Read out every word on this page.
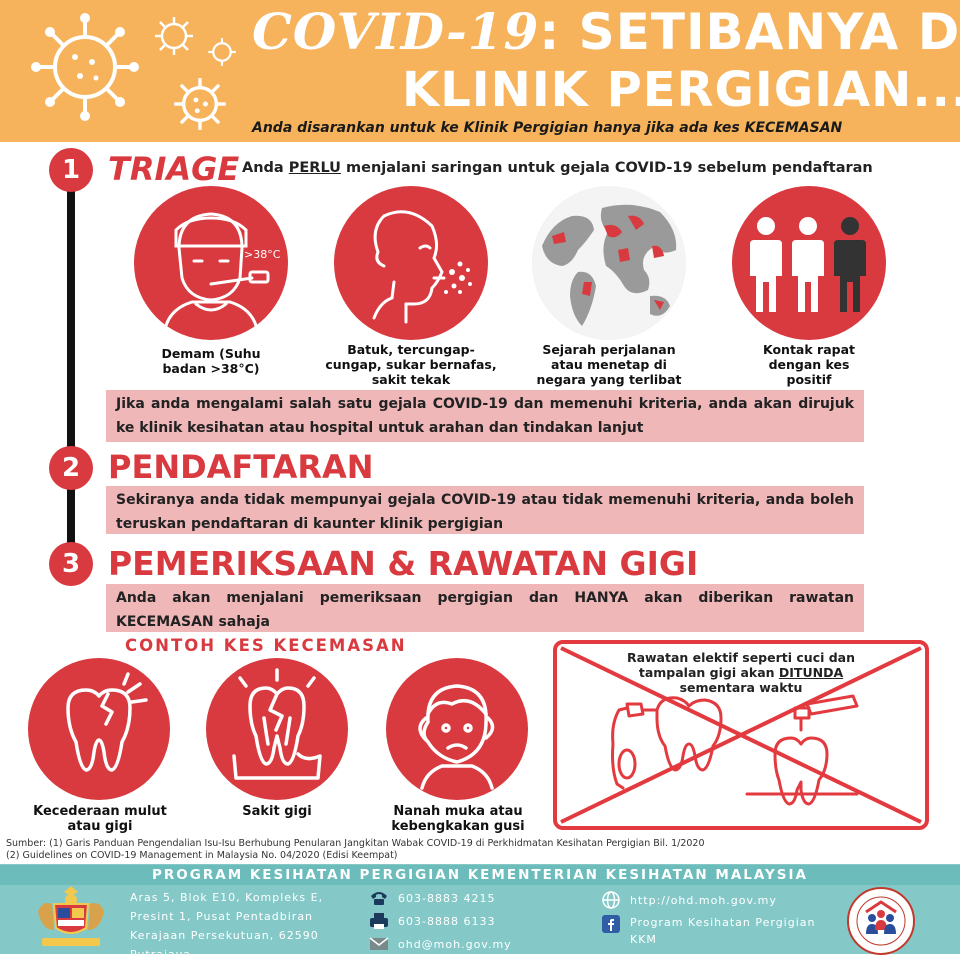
COVID-19: SETIBANYA DI
KLINIK PERGIGIAN...
Anda disarankan untuk ke Klinik Pergigian hanya jika ada kes KECEMASAN
1 TRIAGE Anda PERLU menjalani saringan untuk gejala COVID-19 sebelum pendaftaran
>38°C
Demam (Suhu
badan >38°C)
Batuk, tercungap-
cungap, sukar bernafas,
sakit tekak
Sejarah perjalanan
atau menetap di
negara yang terlibat
Kontak rapat
dengan kes
positif
Jika anda mengalami salah satu gejala COVID-19 dan memenuhi kriteria, anda akan dirujuk ke klinik kesihatan atau hospital untuk arahan dan tindakan lanjut
2 PENDAFTARAN
Sekiranya anda tidak mempunyai gejala COVID-19 atau tidak memenuhi kriteria, anda boleh teruskan pendaftaran di kaunter klinik pergigian
3 PEMERIKSAAN & RAWATAN GIGI
Anda akan menjalani pemeriksaan pergigian dan HANYA akan diberikan rawatan KECEMASAN sahaja
CONTOH KES KECEMASAN
Kecederaan mulut
atau gigi
Sakit gigi	Nanah muka atau
kebengkakan gusi
Rawatan elektif seperti cuci dan
tampalan gigi akan DITUNDA
sementara waktu
Sumber: (1) Garis Panduan Pengendalian Isu-Isu Berhubung Penularan Jangkitan Wabak COVID-19 di Perkhidmatan Kesihatan Pergigian Bil. 1/2020
(2) Guidelines on COVID-19 Management in Malaysia No. 04/2020 (Edisi Keempat)
PROGRAM KESIHATAN PERGIGIAN KEMENTERIAN KESIHATAN MALAYSIA
Aras 5, Blok E10, Kompleks E,
Presint 1, Pusat Pentadbiran
Kerajaan Persekutuan, 62590
Putrajaya
603-8883 4215
603-8888 6133
ohd@moh.gov.my
http://ohd.moh.gov.my
Program Kesihatan Pergigian
KKM
